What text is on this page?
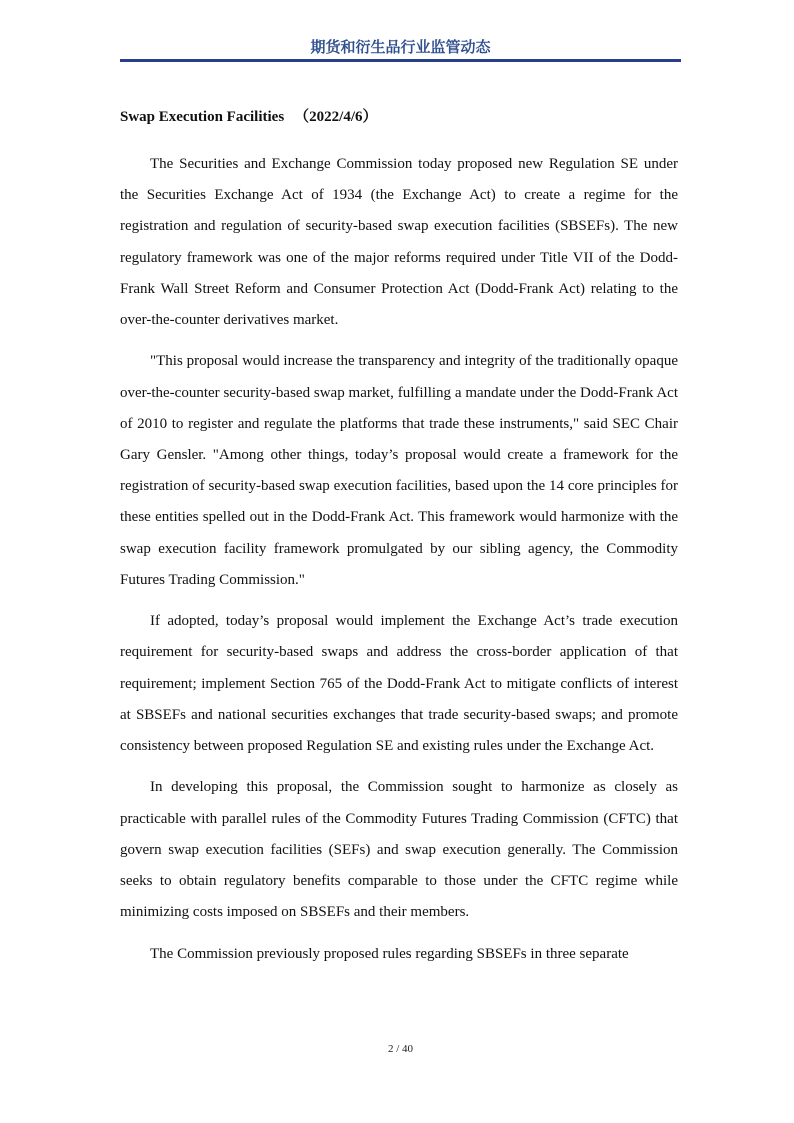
期货和衍生品行业监管动态
Swap Execution Facilities （2022/4/6）

The Securities and Exchange Commission today proposed new Regulation SE under the Securities Exchange Act of 1934 (the Exchange Act) to create a regime for the registration and regulation of security-based swap execution facilities (SBSEFs). The new regulatory framework was one of the major reforms required under Title VII of the Dodd-Frank Wall Street Reform and Consumer Protection Act (Dodd-Frank Act) relating to the over-the-counter derivatives market.

"This proposal would increase the transparency and integrity of the traditionally opaque over-the-counter security-based swap market, fulfilling a mandate under the Dodd-Frank Act of 2010 to register and regulate the platforms that trade these instruments," said SEC Chair Gary Gensler. "Among other things, today’s proposal would create a framework for the registration of security-based swap execution facilities, based upon the 14 core principles for these entities spelled out in the Dodd-Frank Act. This framework would harmonize with the swap execution facility framework promulgated by our sibling agency, the Commodity Futures Trading Commission."

If adopted, today’s proposal would implement the Exchange Act’s trade execution requirement for security-based swaps and address the cross-border application of that requirement; implement Section 765 of the Dodd-Frank Act to mitigate conflicts of interest at SBSEFs and national securities exchanges that trade security-based swaps; and promote consistency between proposed Regulation SE and existing rules under the Exchange Act.

In developing this proposal, the Commission sought to harmonize as closely as practicable with parallel rules of the Commodity Futures Trading Commission (CFTC) that govern swap execution facilities (SEFs) and swap execution generally. The Commission seeks to obtain regulatory benefits comparable to those under the CFTC regime while minimizing costs imposed on SBSEFs and their members.

The Commission previously proposed rules regarding SBSEFs in three separate

2 / 40
